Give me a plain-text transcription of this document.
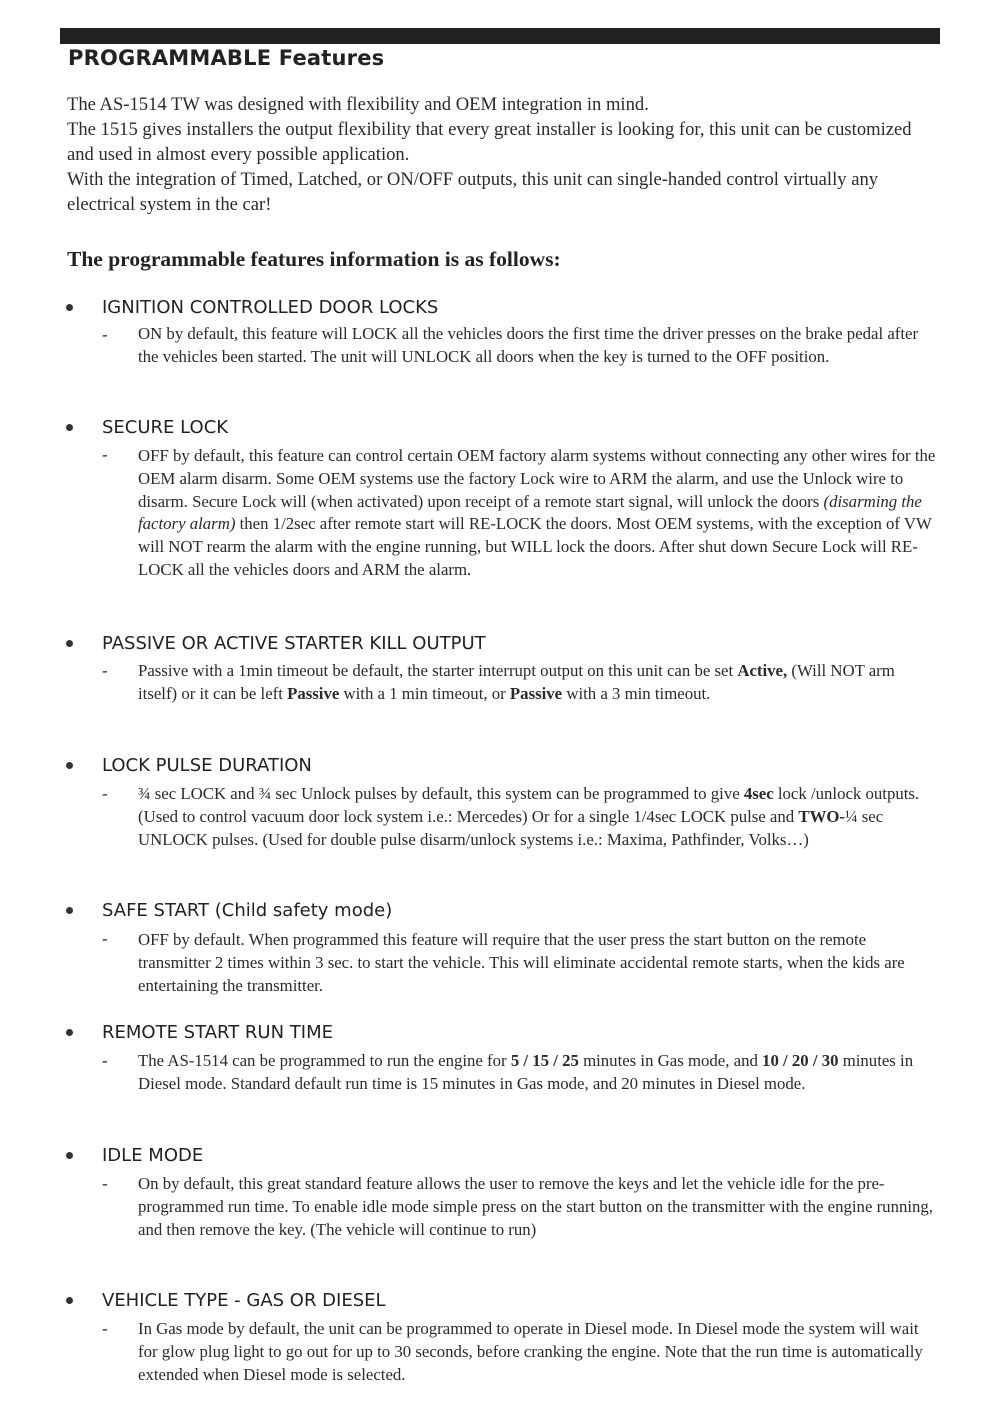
PROGRAMMABLE Features

The AS-1514 TW was designed with flexibility and OEM integration in mind.

The 1515 gives installers the output flexibility that every great installer is looking for, this unit can be customized and used in almost every possible application.

With the integration of Timed, Latched, or ON/OFF outputs, this unit can single-handed control virtually any electrical system in the car!

The programmable features information is as follows:
IGNITION CONTROLLED DOOR LOCKS
- ON by default, this feature will LOCK all the vehicles doors the first time the driver presses on the brake pedal after the vehicles been started. The unit will UNLOCK all doors when the key is turned to the OFF position.
SECURE LOCK
- OFF by default, this feature can control certain OEM factory alarm systems without connecting any other wires for the OEM alarm disarm. Some OEM systems use the factory Lock wire to ARM the alarm, and use the Unlock wire to disarm. Secure Lock will (when activated) upon receipt of a remote start signal, will unlock the doors (disarming the factory alarm) then 1/2sec after remote start will RE-LOCK the doors. Most OEM systems, with the exception of VW will NOT rearm the alarm with the engine running, but WILL lock the doors. After shut down Secure Lock will RE-LOCK all the vehicles doors and ARM the alarm.
PASSIVE OR ACTIVE STARTER KILL OUTPUT
- Passive with a 1min timeout be default, the starter interrupt output on this unit can be set Active, (Will NOT arm itself) or it can be left Passive with a 1 min timeout, or Passive with a 3 min timeout.
LOCK PULSE DURATION
- ¾ sec LOCK and ¾ sec Unlock pulses by default, this system can be programmed to give 4sec lock /unlock outputs. (Used to control vacuum door lock system i.e.: Mercedes) Or for a single 1/4sec LOCK pulse and TWO-¼ sec UNLOCK pulses. (Used for double pulse disarm/unlock systems i.e.: Maxima, Pathfinder, Volks…)
SAFE START (Child safety mode)
- OFF by default. When programmed this feature will require that the user press the start button on the remote transmitter 2 times within 3 sec. to start the vehicle. This will eliminate accidental remote starts, when the kids are entertaining the transmitter.
REMOTE START RUN TIME
- The AS-1514 can be programmed to run the engine for 5 / 15 / 25 minutes in Gas mode, and 10 / 20 / 30 minutes in Diesel mode. Standard default run time is 15 minutes in Gas mode, and 20 minutes in Diesel mode.
IDLE MODE
- On by default, this great standard feature allows the user to remove the keys and let the vehicle idle for the pre-programmed run time. To enable idle mode simple press on the start button on the transmitter with the engine running, and then remove the key. (The vehicle will continue to run)
VEHICLE TYPE - GAS OR DIESEL
- In Gas mode by default, the unit can be programmed to operate in Diesel mode. In Diesel mode the system will wait for glow plug light to go out for up to 30 seconds, before cranking the engine. Note that the run time is automatically extended when Diesel mode is selected.
